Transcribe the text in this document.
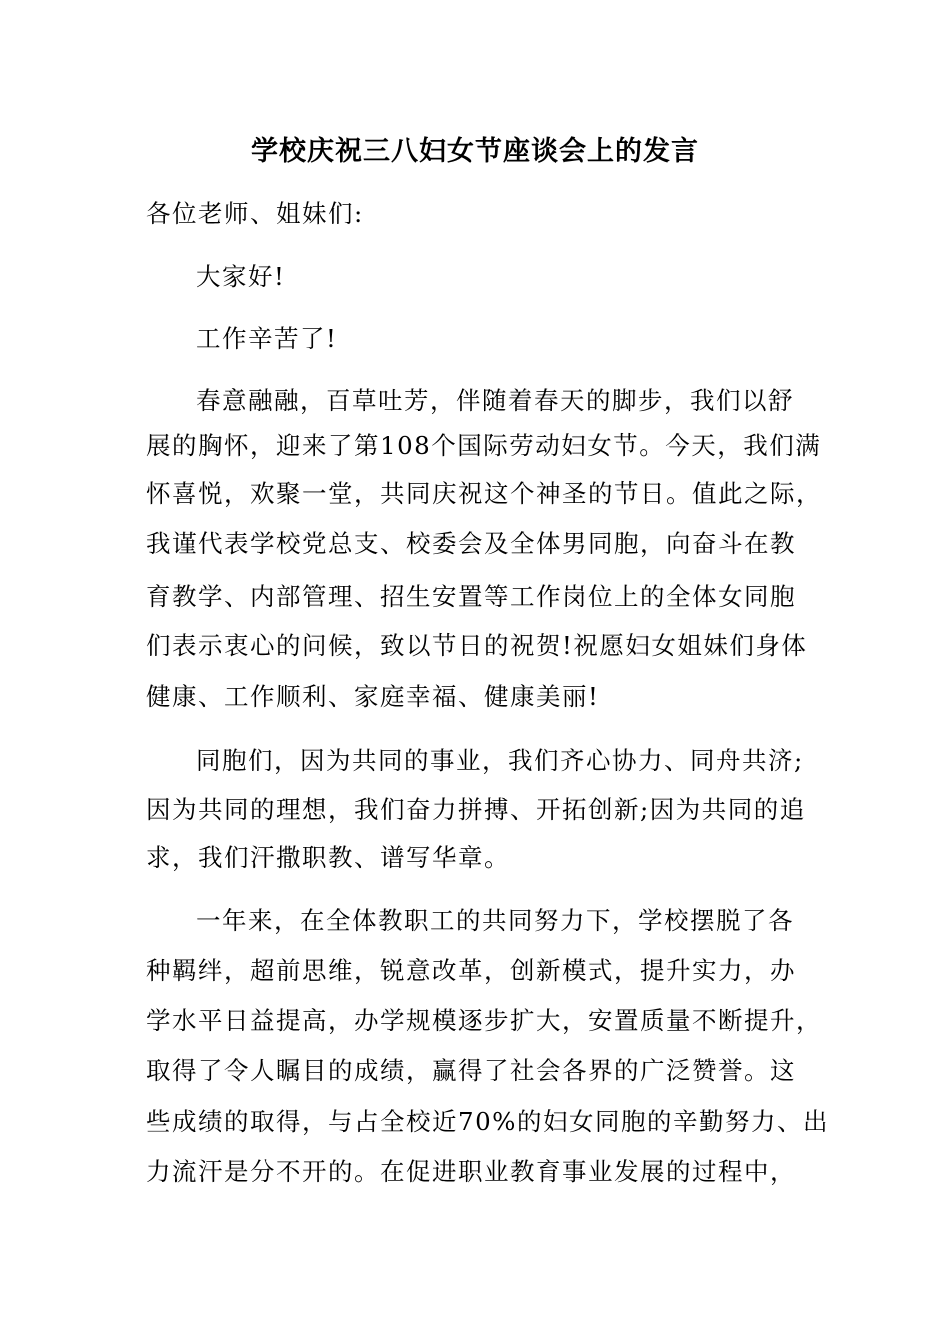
学校庆祝三八妇女节座谈会上的发言
各位老师、姐妹们:
大家好!
工作辛苦了!
春意融融，百草吐芳，伴随着春天的脚步，我们以舒
展的胸怀，迎来了第108个国际劳动妇女节。今天，我们满
怀喜悦，欢聚一堂，共同庆祝这个神圣的节日。值此之际，
我谨代表学校党总支、校委会及全体男同胞，向奋斗在教
育教学、内部管理、招生安置等工作岗位上的全体女同胞
们表示衷心的问候，致以节日的祝贺!祝愿妇女姐妹们身体
健康、工作顺利、家庭幸福、健康美丽!
同胞们，因为共同的事业，我们齐心协力、同舟共济;
因为共同的理想，我们奋力拼搏、开拓创新;因为共同的追
求，我们汗撒职教、谱写华章。
一年来，在全体教职工的共同努力下，学校摆脱了各
种羁绊，超前思维，锐意改革，创新模式，提升实力，办
学水平日益提高，办学规模逐步扩大，安置质量不断提升，
取得了令人瞩目的成绩，赢得了社会各界的广泛赞誉。这
些成绩的取得，与占全校近70%的妇女同胞的辛勤努力、出
力流汗是分不开的。在促进职业教育事业发展的过程中，
